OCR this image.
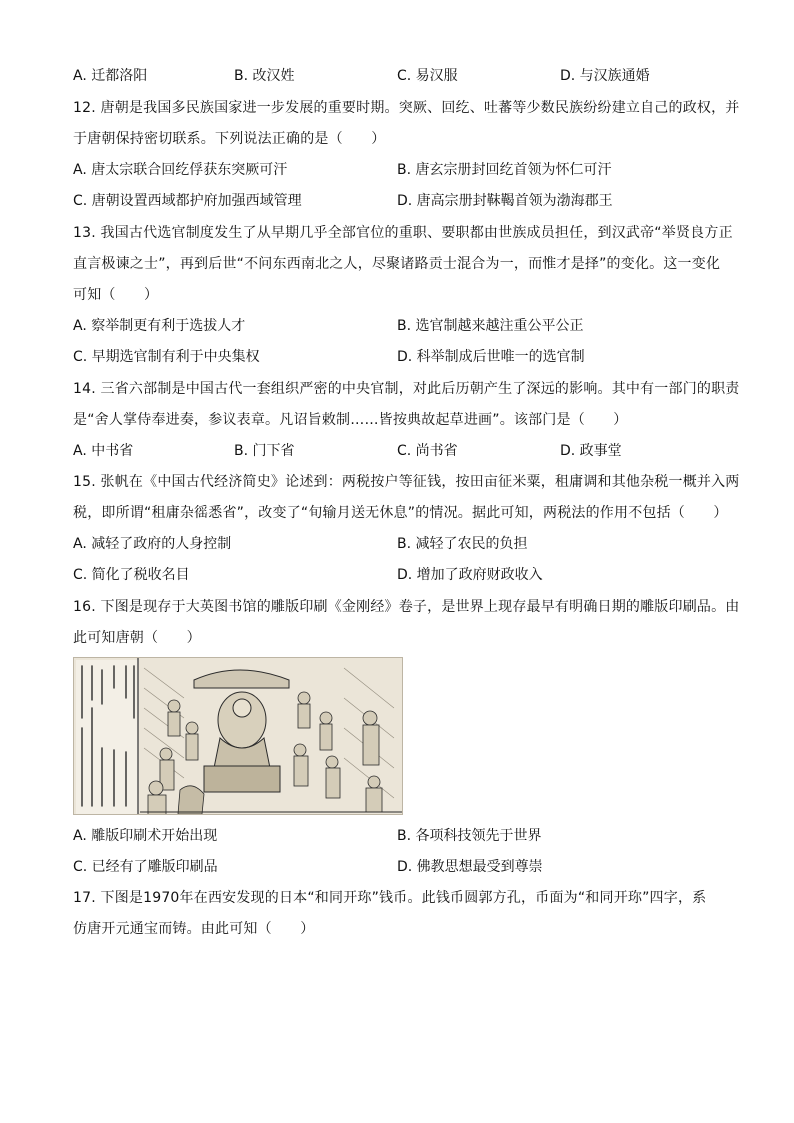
A. 迁都洛阳	B. 改汉姓	C. 易汉服	D. 与汉族通婚
12. 唐朝是我国多民族国家进一步发展的重要时期。突厥、回纥、吐蕃等少数民族纷纷建立自己的政权，并
于唐朝保持密切联系。下列说法正确的是（　　）
A. 唐太宗联合回纥俘获东突厥可汗	B. 唐玄宗册封回纥首领为怀仁可汗
C. 唐朝设置西域都护府加强西域管理	D. 唐高宗册封靺鞨首领为渤海郡王
13. 我国古代选官制度发生了从早期几乎全部官位的重职、要职都由世族成员担任，到汉武帝“举贤良方正
直言极谏之士”，再到后世“不问东西南北之人，尽聚诸路贡士混合为一，而惟才是择”的变化。这一变化
可知（　　）
A. 察举制更有利于选拔人才	B. 选官制越来越注重公平公正
C. 早期选官制有利于中央集权	D. 科举制成后世唯一的选官制
14. 三省六部制是中国古代一套组织严密的中央官制，对此后历朝产生了深远的影响。其中有一部门的职责
是“舍人掌侍奉进奏，参议表章。凡诏旨敕制……皆按典故起草进画”。该部门是（　　）
A. 中书省	B. 门下省	C. 尚书省	D. 政事堂
15. 张帆在《中国古代经济简史》论述到：两税按户等征钱，按田亩征米粟，租庸调和其他杂税一概并入两
税，即所谓“租庸杂徭悉省”，改变了“旬输月送无休息”的情况。据此可知，两税法的作用不包括（　　）
A. 减轻了政府的人身控制	B. 减轻了农民的负担
C. 简化了税收名目	D. 增加了政府财政收入
16. 下图是现存于大英图书馆的雕版印刷《金刚经》卷子，是世界上现存最早有明确日期的雕版印刷品。由
此可知唐朝（　　）
A. 雕版印刷术开始出现	B. 各项科技领先于世界
C. 已经有了雕版印刷品	D. 佛教思想最受到尊崇
17. 下图是1970年在西安发现的日本“和同开珎”钱币。此钱币圆郭方孔，币面为“和同开珎”四字，系
仿唐开元通宝而铸。由此可知（　　）
